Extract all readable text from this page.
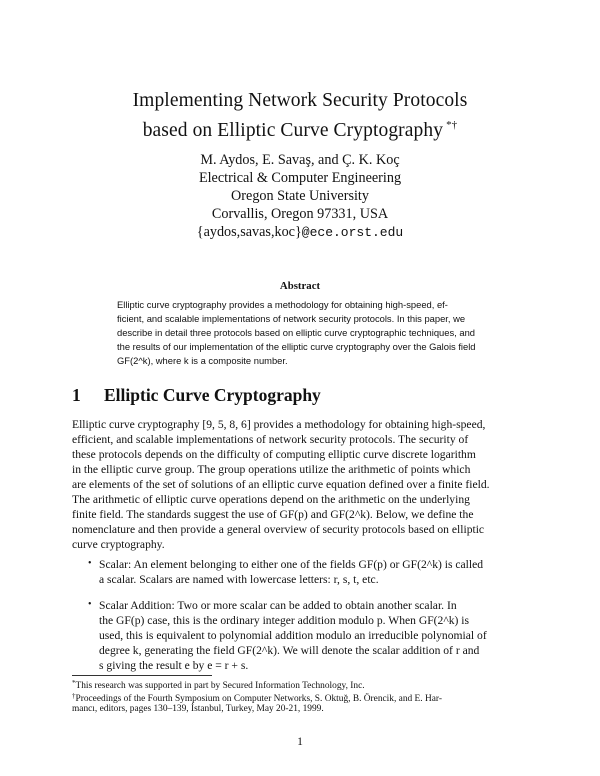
Implementing Network Security Protocols
based on Elliptic Curve Cryptography *†
M. Aydos, E. Savaş, and Ç. K. Koç
Electrical & Computer Engineering
Oregon State University
Corvallis, Oregon 97331, USA
{aydos,savas,koc}@ece.orst.edu
Abstract
Elliptic curve cryptography provides a methodology for obtaining high-speed, ef-
ficient, and scalable implementations of network security protocols. In this paper, we
describe in detail three protocols based on elliptic curve cryptographic techniques, and
the results of our implementation of the elliptic curve cryptography over the Galois field
GF(2^k), where k is a composite number.
1 Elliptic Curve Cryptography
Elliptic curve cryptography [9, 5, 8, 6] provides a methodology for obtaining high-speed,
efficient, and scalable implementations of network security protocols. The security of
these protocols depends on the difficulty of computing elliptic curve discrete logarithm
in the elliptic curve group. The group operations utilize the arithmetic of points which
are elements of the set of solutions of an elliptic curve equation defined over a finite field.
The arithmetic of elliptic curve operations depend on the arithmetic on the underlying
finite field. The standards suggest the use of GF(p) and GF(2^k). Below, we define the
nomenclature and then provide a general overview of security protocols based on elliptic
curve cryptography.
• Scalar: An element belonging to either one of the fields GF(p) or GF(2^k) is called
a scalar. Scalars are named with lowercase letters: r, s, t, etc.
• Scalar Addition: Two or more scalar can be added to obtain another scalar. In
the GF(p) case, this is the ordinary integer addition modulo p. When GF(2^k) is
used, this is equivalent to polynomial addition modulo an irreducible polynomial of
degree k, generating the field GF(2^k). We will denote the scalar addition of r and
s giving the result e by e = r + s.
*This research was supported in part by Secured Information Technology, Inc.
†Proceedings of the Fourth Symposium on Computer Networks, S. Oktuğ, B. Örencik, and E. Har-
mancı, editors, pages 130–139, İstanbul, Turkey, May 20-21, 1999.
1
